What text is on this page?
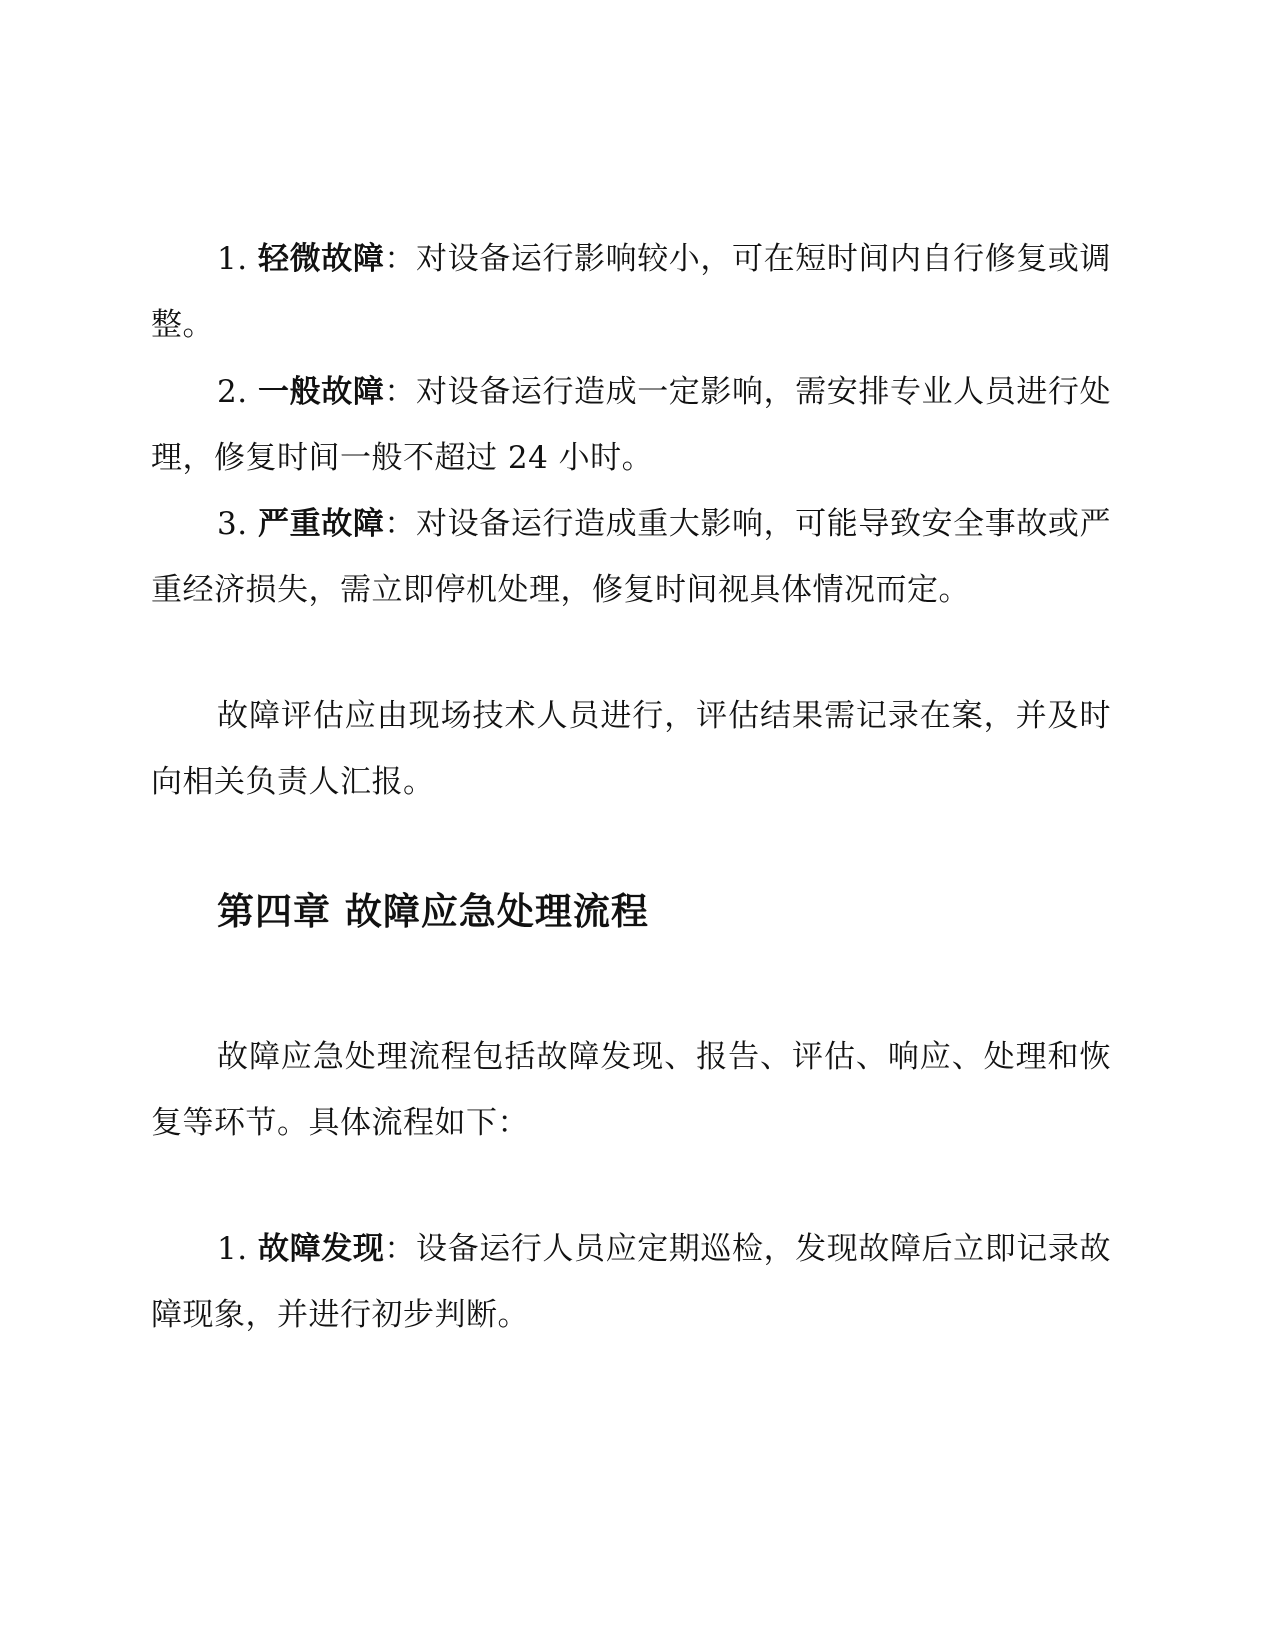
1. 轻微故障：对设备运行影响较小，可在短时间内自行修复或调整。

2. 一般故障：对设备运行造成一定影响，需安排专业人员进行处理，修复时间一般不超过 24 小时。

3. 严重故障：对设备运行造成重大影响，可能导致安全事故或严重经济损失，需立即停机处理，修复时间视具体情况而定。

故障评估应由现场技术人员进行，评估结果需记录在案，并及时向相关负责人汇报。

第四章 故障应急处理流程

故障应急处理流程包括故障发现、报告、评估、响应、处理和恢复等环节。具体流程如下：

1. 故障发现：设备运行人员应定期巡检，发现故障后立即记录故障现象，并进行初步判断。
